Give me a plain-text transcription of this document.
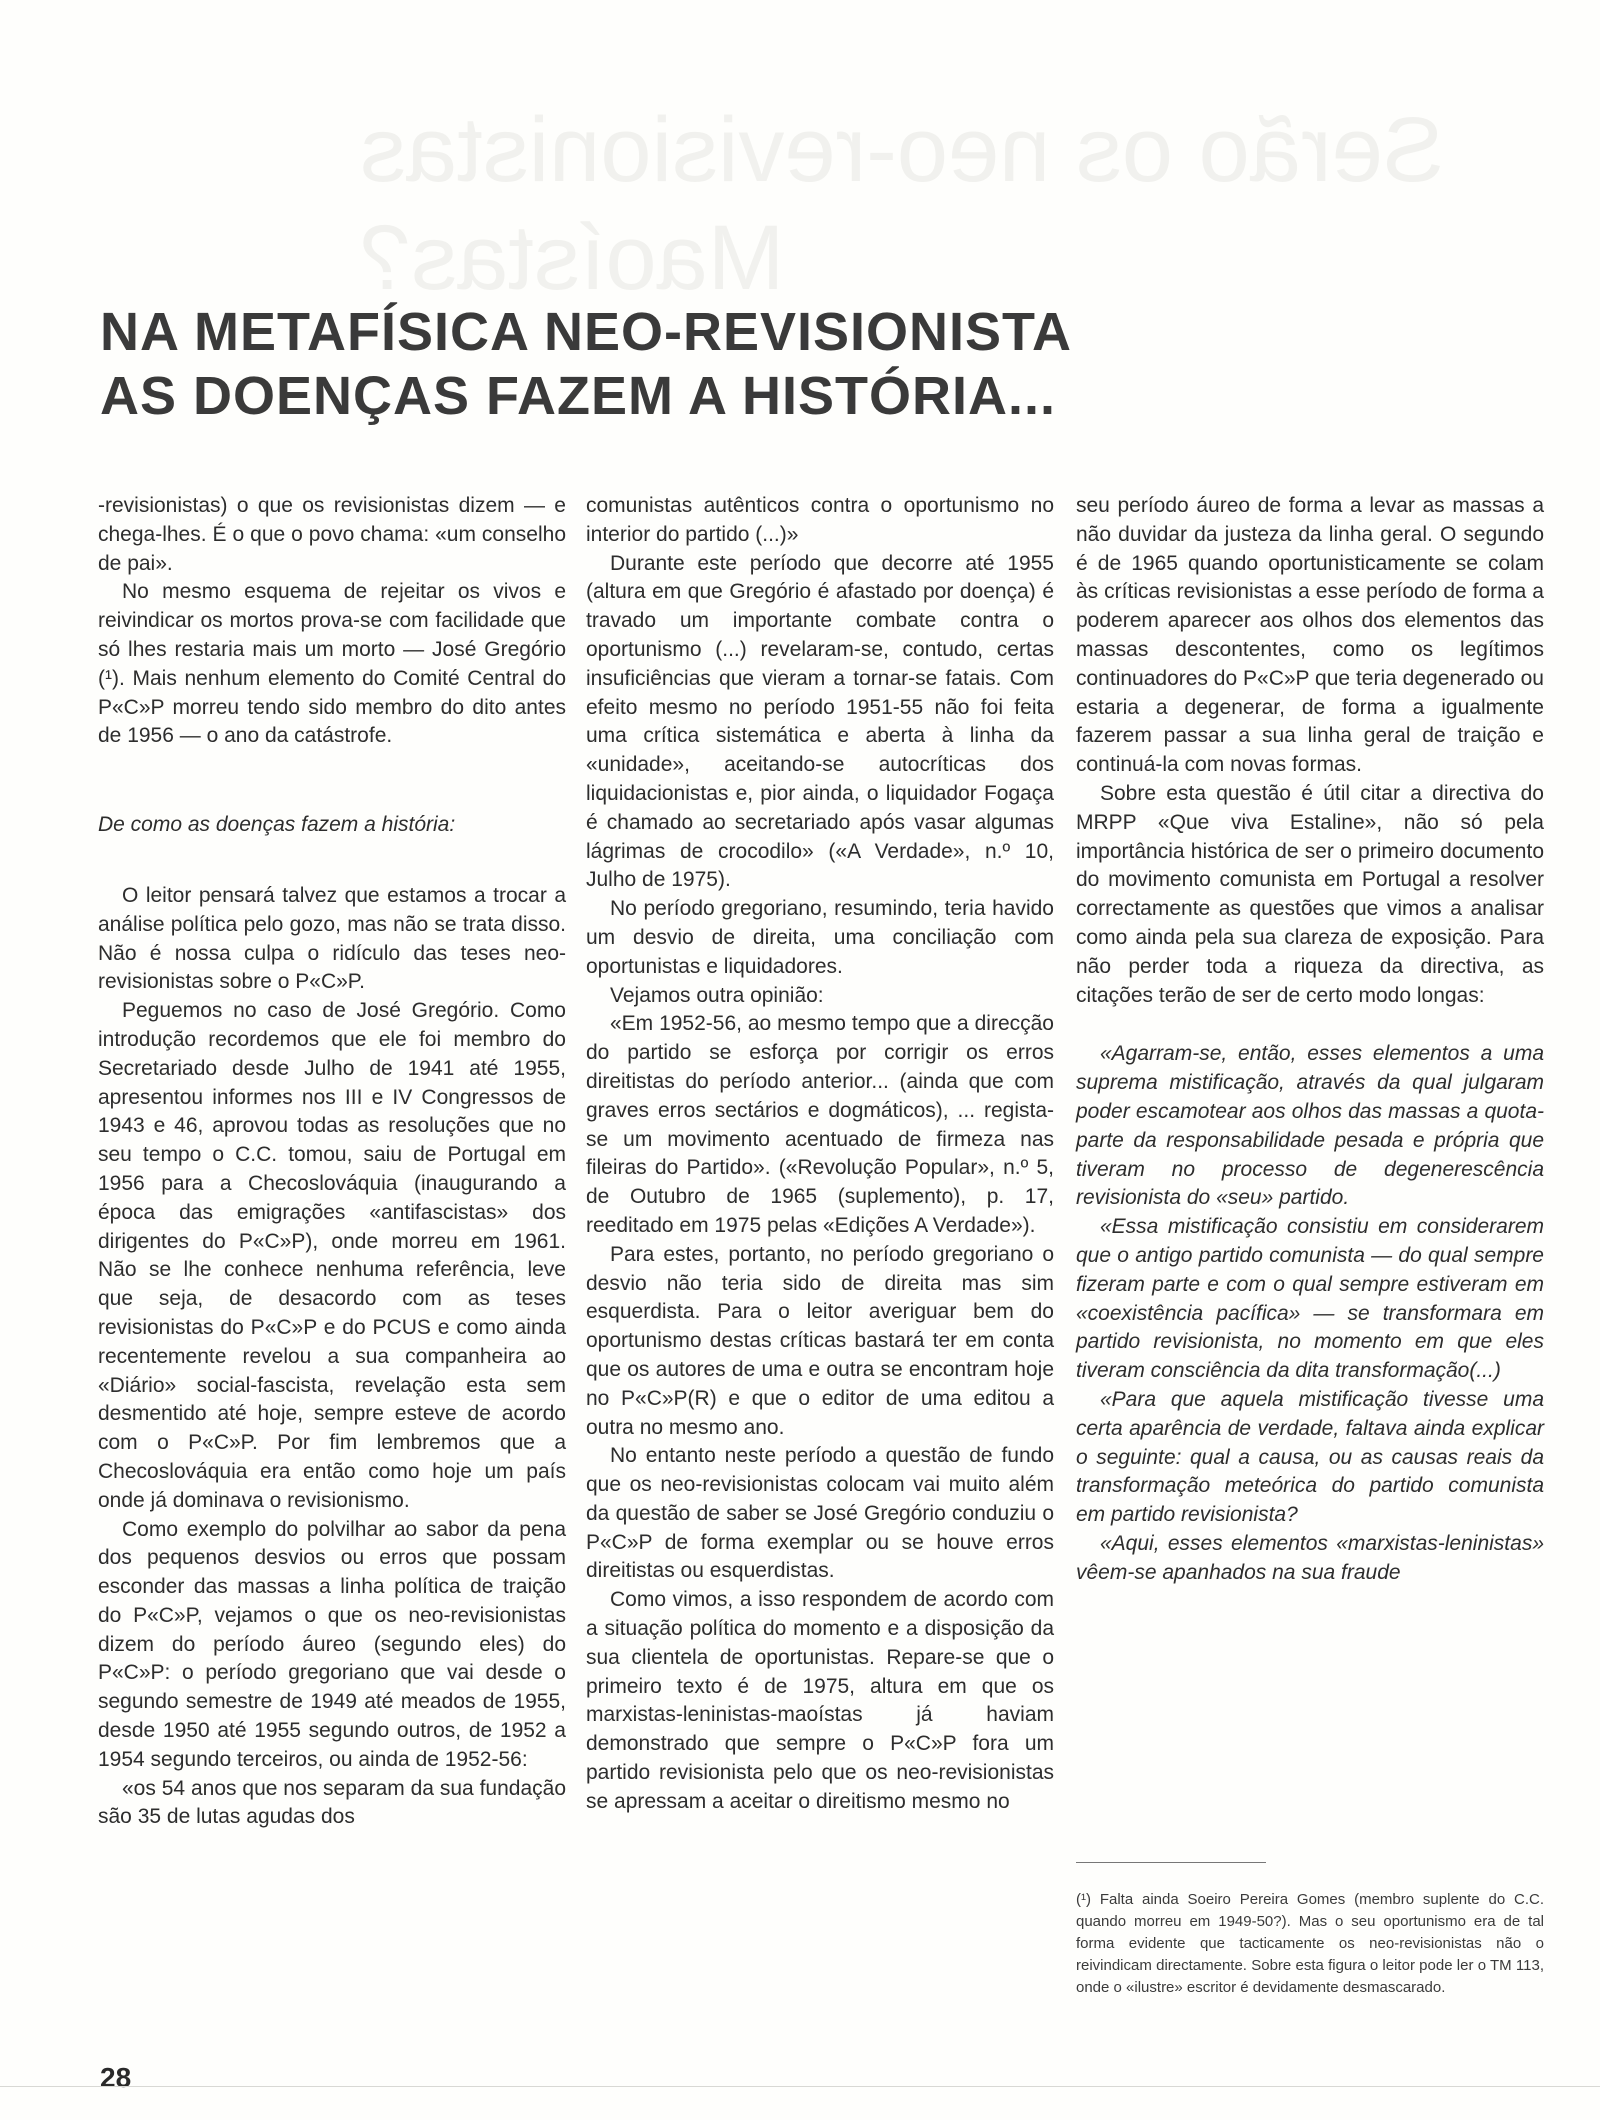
Serão os neo-revisionistas
Maoístas?
NA METAFÍSICA NEO-REVISIONISTA
AS DOENÇAS FAZEM A HISTÓRIA...

-revisionistas) o que os revisionistas dizem — e chega-lhes. É o que o povo chama: «um conselho de pai».

No mesmo esquema de rejeitar os vivos e reivindicar os mortos prova-se com facilidade que só lhes restaria mais um morto — José Gregório (¹). Mais nenhum elemento do Comité Central do P«C»P morreu tendo sido membro do dito antes de 1956 — o ano da catástrofe.

De como as doenças fazem a história:

O leitor pensará talvez que estamos a trocar a análise política pelo gozo, mas não se trata disso. Não é nossa culpa o ridículo das teses neo-revisionistas sobre o P«C»P.

Peguemos no caso de José Gregório. Como introdução recordemos que ele foi membro do Secretariado desde Julho de 1941 até 1955, apresentou informes nos III e IV Congressos de 1943 e 46, aprovou todas as resoluções que no seu tempo o C.C. tomou, saiu de Portugal em 1956 para a Checoslováquia (inaugurando a época das emigrações «antifascistas» dos dirigentes do P«C»P), onde morreu em 1961. Não se lhe conhece nenhuma referência, leve que seja, de desacordo com as teses revisionistas do P«C»P e do PCUS e como ainda recentemente revelou a sua companheira ao «Diário» social-fascista, revelação esta sem desmentido até hoje, sempre esteve de acordo com o P«C»P. Por fim lembremos que a Checoslováquia era então como hoje um país onde já dominava o revisionismo.

Como exemplo do polvilhar ao sabor da pena dos pequenos desvios ou erros que possam esconder das massas a linha política de traição do P«C»P, vejamos o que os neo-revisionistas dizem do período áureo (segundo eles) do P«C»P: o período gregoriano que vai desde o segundo semestre de 1949 até meados de 1955, desde 1950 até 1955 segundo outros, de 1952 a 1954 segundo terceiros, ou ainda de 1952-56:

«os 54 anos que nos separam da sua fundação são 35 de lutas agudas dos

comunistas autênticos contra o oportunismo no interior do partido (...)»

Durante este período que decorre até 1955 (altura em que Gregório é afastado por doença) é travado um importante combate contra o oportunismo (...) revelaram-se, contudo, certas insuficiências que vieram a tornar-se fatais. Com efeito mesmo no período 1951-55 não foi feita uma crítica sistemática e aberta à linha da «unidade», aceitando-se autocríticas dos liquidacionistas e, pior ainda, o liquidador Fogaça é chamado ao secretariado após vasar algumas lágrimas de crocodilo» («A Verdade», n.º 10, Julho de 1975).

No período gregoriano, resumindo, teria havido um desvio de direita, uma conciliação com oportunistas e liquidadores.

Vejamos outra opinião:

«Em 1952-56, ao mesmo tempo que a direcção do partido se esforça por corrigir os erros direitistas do período anterior... (ainda que com graves erros sectários e dogmáticos), ... regista-se um movimento acentuado de firmeza nas fileiras do Partido». («Revolução Popular», n.º 5, de Outubro de 1965 (suplemento), p. 17, reeditado em 1975 pelas «Edições A Verdade»).

Para estes, portanto, no período gregoriano o desvio não teria sido de direita mas sim esquerdista. Para o leitor averiguar bem do oportunismo destas críticas bastará ter em conta que os autores de uma e outra se encontram hoje no P«C»P(R) e que o editor de uma editou a outra no mesmo ano.

No entanto neste período a questão de fundo que os neo-revisionistas colocam vai muito além da questão de saber se José Gregório conduziu o P«C»P de forma exemplar ou se houve erros direitistas ou esquerdistas.

Como vimos, a isso respondem de acordo com a situação política do momento e a disposição da sua clientela de oportunistas. Repare-se que o primeiro texto é de 1975, altura em que os marxistas-leninistas-maoístas já haviam demonstrado que sempre o P«C»P fora um partido revisionista pelo que os neo-revisionistas se apressam a aceitar o direitismo mesmo no

seu período áureo de forma a levar as massas a não duvidar da justeza da linha geral. O segundo é de 1965 quando oportunisticamente se colam às críticas revisionistas a esse período de forma a poderem aparecer aos olhos dos elementos das massas descontentes, como os legítimos continuadores do P«C»P que teria degenerado ou estaria a degenerar, de forma a igualmente fazerem passar a sua linha geral de traição e continuá-la com novas formas.

Sobre esta questão é útil citar a directiva do MRPP «Que viva Estaline», não só pela importância histórica de ser o primeiro documento do movimento comunista em Portugal a resolver correctamente as questões que vimos a analisar como ainda pela sua clareza de exposição. Para não perder toda a riqueza da directiva, as citações terão de ser de certo modo longas:

«Agarram-se, então, esses elementos a uma suprema mistificação, através da qual julgaram poder escamotear aos olhos das massas a quota-parte da responsabilidade pesada e própria que tiveram no processo de degenerescência revisionista do «seu» partido.

«Essa mistificação consistiu em considerarem que o antigo partido comunista — do qual sempre fizeram parte e com o qual sempre estiveram em «coexistência pacífica» — se transformara em partido revisionista, no momento em que eles tiveram consciência da dita transformação(...)

«Para que aquela mistificação tivesse uma certa aparência de verdade, faltava ainda explicar o seguinte: qual a causa, ou as causas reais da transformação meteórica do partido comunista em partido revisionista?

«Aqui, esses elementos «marxistas-leninistas» vêem-se apanhados na sua fraude

(¹) Falta ainda Soeiro Pereira Gomes (membro suplente do C.C. quando morreu em 1949-50?). Mas o seu oportunismo era de tal forma evidente que tacticamente os neo-revisionistas não o reivindicam directamente. Sobre esta figura o leitor pode ler o TM 113, onde o «ilustre» escritor é devidamente desmascarado.
28
